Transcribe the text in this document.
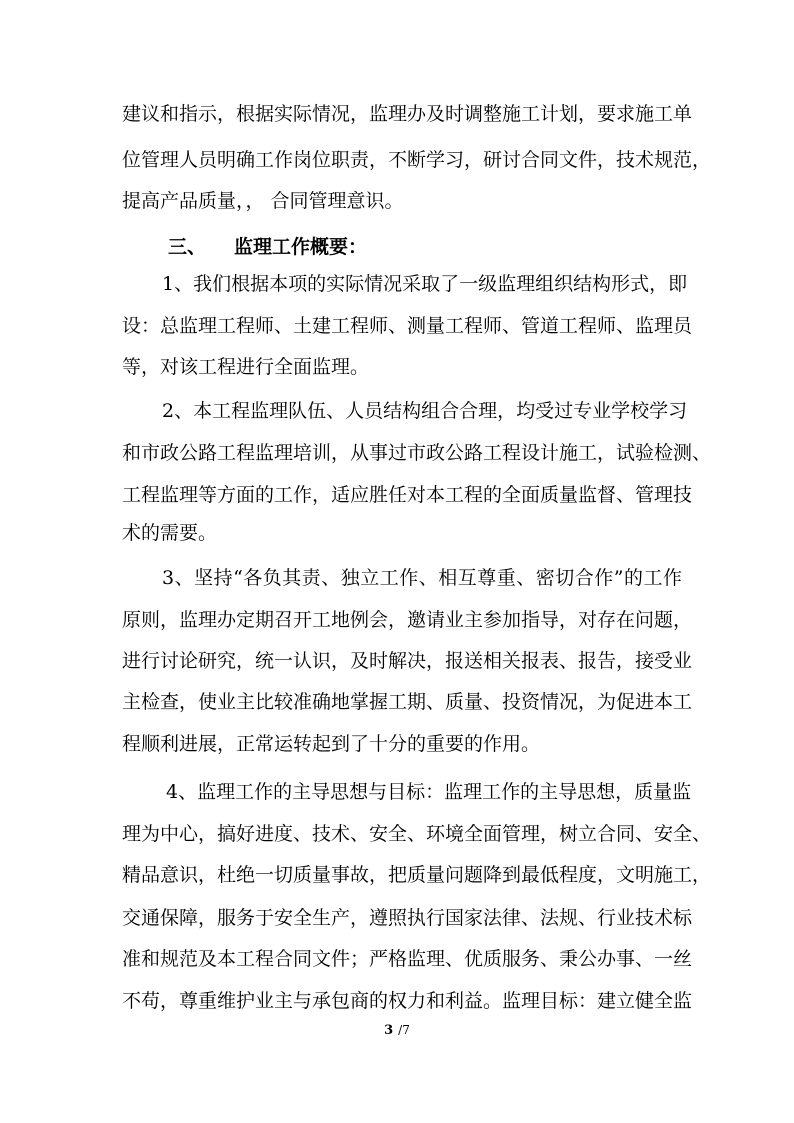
建议和指示，根据实际情况，监理办及时调整施工计划，要求施工单
位管理人员明确工作岗位职责，不断学习，研讨合同文件，技术规范，
提高产品质量，， 合同管理意识。
三、 监理工作概要：
1、我们根据本项的实际情况采取了一级监理组织结构形式，即
设：总监理工程师、土建工程师、测量工程师、管道工程师、监理员
等，对该工程进行全面监理。
2、本工程监理队伍、人员结构组合合理，均受过专业学校学习
和市政公路工程监理培训，从事过市政公路工程设计施工，试验检测、
工程监理等方面的工作，适应胜任对本工程的全面质量监督、管理技
术的需要。
3、坚持“各负其责、独立工作、相互尊重、密切合作”的工作
原则，监理办定期召开工地例会，邀请业主参加指导，对存在问题，
进行讨论研究，统一认识，及时解决，报送相关报表、报告，接受业
主检查，使业主比较准确地掌握工期、质量、投资情况，为促进本工
程顺利进展，正常运转起到了十分的重要的作用。
4、监理工作的主导思想与目标：监理工作的主导思想，质量监
理为中心，搞好进度、技术、安全、环境全面管理，树立合同、安全、
精品意识，杜绝一切质量事故，把质量问题降到最低程度，文明施工，
交通保障，服务于安全生产，遵照执行国家法律、法规、行业技术标
准和规范及本工程合同文件；严格监理、优质服务、秉公办事、一丝
不苟，尊重维护业主与承包商的权力和利益。监理目标：建立健全监
3 /7
